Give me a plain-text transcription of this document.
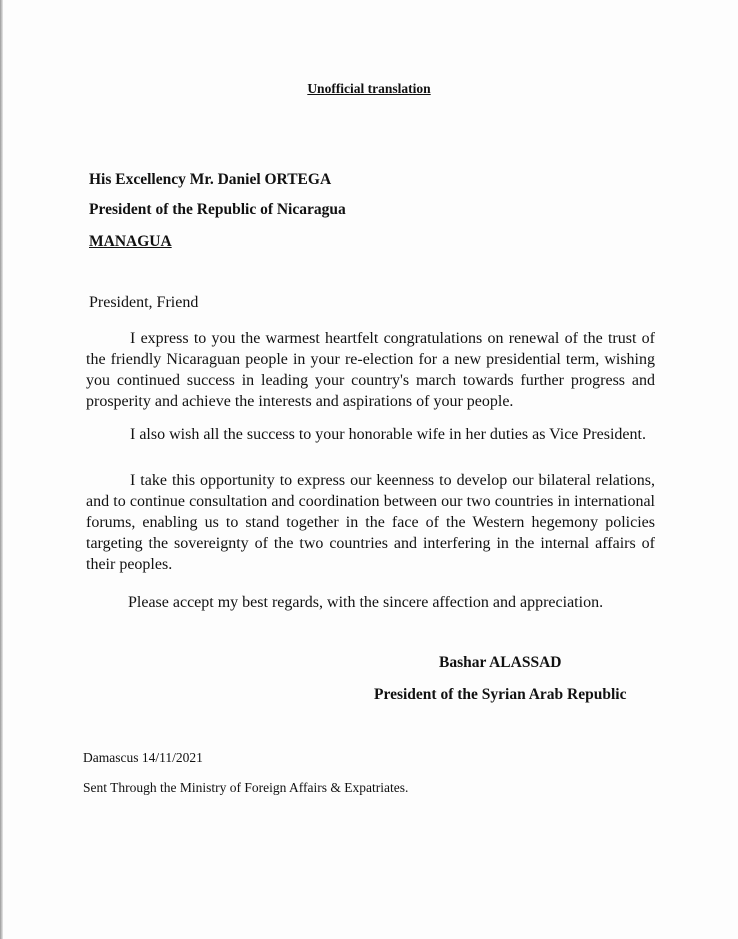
Unofficial translation
His Excellency Mr. Daniel ORTEGA
President of the Republic of Nicaragua
MANAGUA
President, Friend

I express to you the warmest heartfelt congratulations on renewal of the trust of the friendly Nicaraguan people in your re-election for a new presidential term, wishing you continued success in leading your country's march towards further progress and prosperity and achieve the interests and aspirations of your people.

I also wish all the success to your honorable wife in her duties as Vice President.

I take this opportunity to express our keenness to develop our bilateral relations, and to continue consultation and coordination between our two countries in international forums, enabling us to stand together in the face of the Western hegemony policies targeting the sovereignty of the two countries and interfering in the internal affairs of their peoples.

Please accept my best regards, with the sincere affection and appreciation.

Bashar ALASSAD
President of the Syrian Arab Republic
Damascus 14/11/2021
Sent Through the Ministry of Foreign Affairs & Expatriates.
